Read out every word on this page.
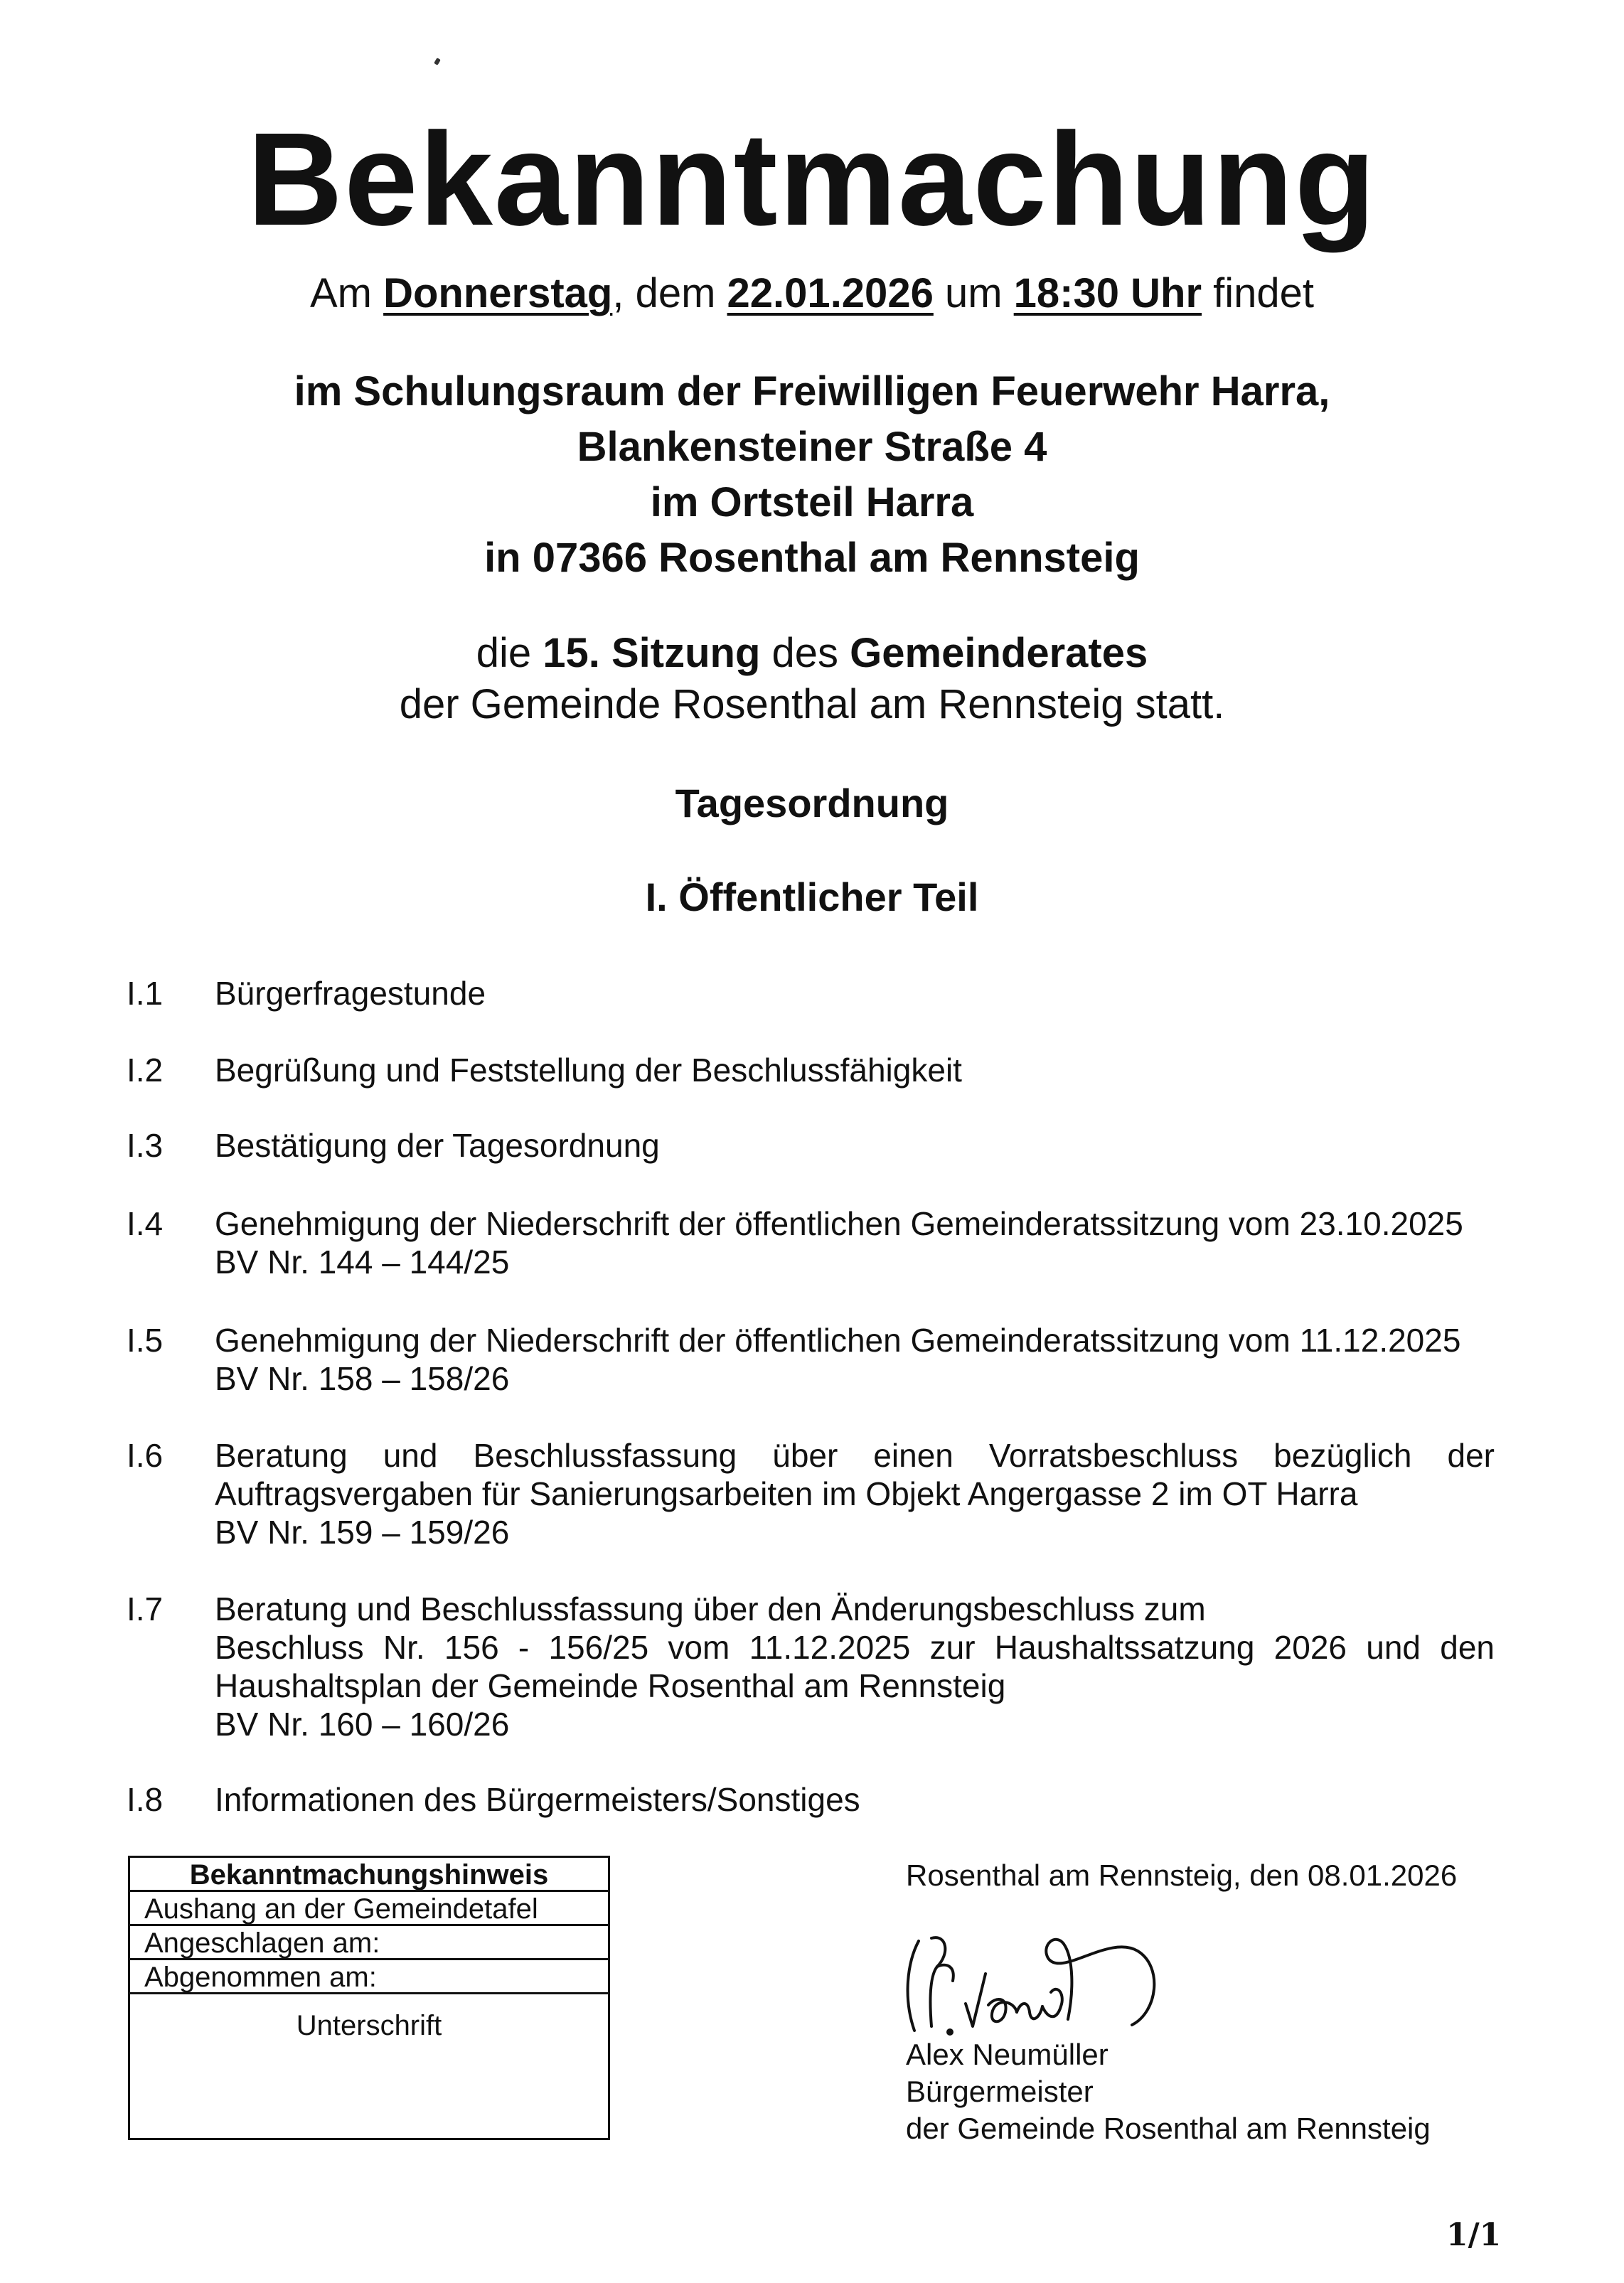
Bekanntmachung
Am Donnerstag, dem 22.01.2026 um 18:30 Uhr findet
im Schulungsraum der Freiwilligen Feuerwehr Harra,
Blankensteiner Straße 4
im Ortsteil Harra
in 07366 Rosenthal am Rennsteig
die 15. Sitzung des Gemeinderates
der Gemeinde Rosenthal am Rennsteig statt.
Tagesordnung
I. Öffentlicher Teil
I.1 Bürgerfragestunde
I.2 Begrüßung und Feststellung der Beschlussfähigkeit
I.3 Bestätigung der Tagesordnung
I.4 Genehmigung der Niederschrift der öffentlichen Gemeinderatssitzung vom 23.10.2025
BV Nr. 144 – 144/25
I.5 Genehmigung der Niederschrift der öffentlichen Gemeinderatssitzung vom 11.12.2025
BV Nr. 158 – 158/26
I.6 Beratung und Beschlussfassung über einen Vorratsbeschluss bezüglich der
Auftragsvergaben für Sanierungsarbeiten im Objekt Angergasse 2 im OT Harra
BV Nr. 159 – 159/26
I.7 Beratung und Beschlussfassung über den Änderungsbeschluss zum
Beschluss Nr. 156 - 156/25 vom 11.12.2025 zur Haushaltssatzung 2026 und den
Haushaltsplan der Gemeinde Rosenthal am Rennsteig
BV Nr. 160 – 160/26
I.8 Informationen des Bürgermeisters/Sonstiges
Bekanntmachungshinweis
Aushang an der Gemeindetafel
Angeschlagen am:
Abgenommen am:
Unterschrift
Rosenthal am Rennsteig, den 08.01.2026
Alex Neumüller
Bürgermeister
der Gemeinde Rosenthal am Rennsteig
1/1
